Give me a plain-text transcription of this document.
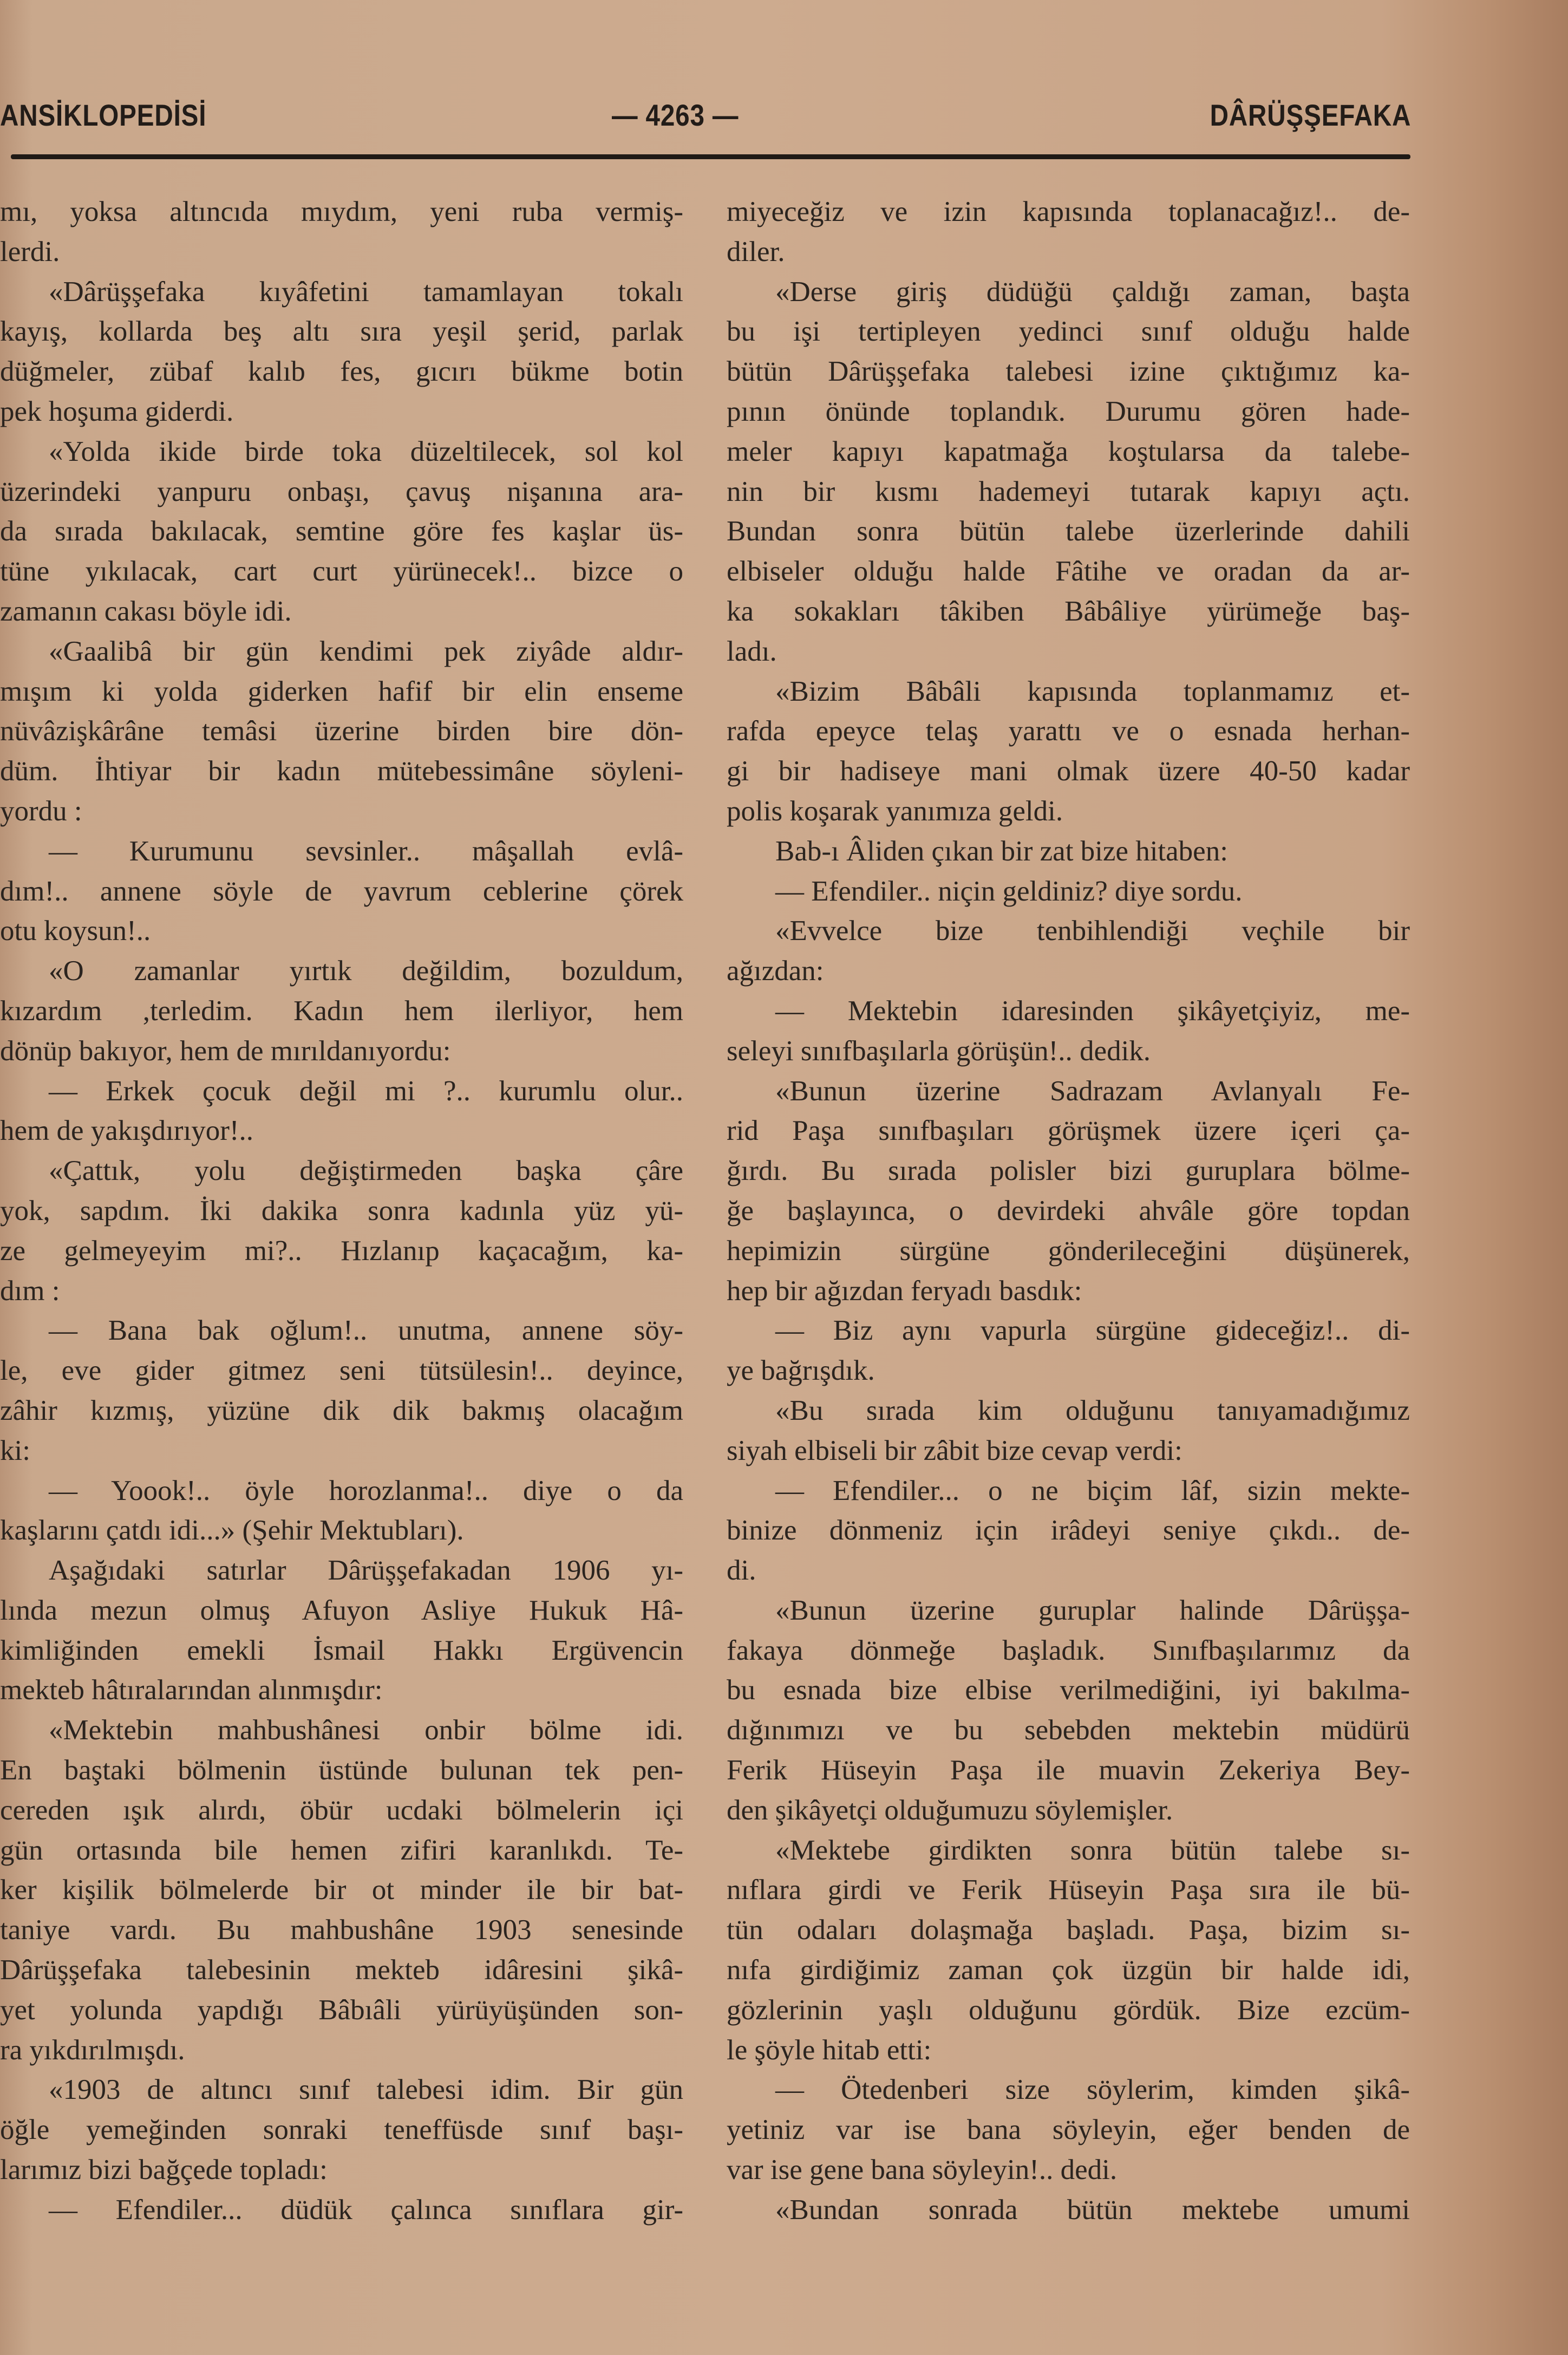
ANSİKLOPEDİSİ	— 4263 —	DÂRÜŞŞEFAKA
mı, yoksa altıncıda mıydım, yeni ruba vermiş-
lerdi.
«Dârüşşefaka kıyâfetini tamamlayan tokalı
kayış, kollarda beş altı sıra yeşil şerid, parlak
düğmeler, zübaf kalıb fes, gıcırı bükme botin
pek hoşuma giderdi.
«Yolda ikide birde toka düzeltilecek, sol kol
üzerindeki yanpuru onbaşı, çavuş nişanına ara-
da sırada bakılacak, semtine göre fes kaşlar üs-
tüne yıkılacak, cart curt yürünecek!.. bizce o
zamanın cakası böyle idi.
«Gaalibâ bir gün kendimi pek ziyâde aldır-
mışım ki yolda giderken hafif bir elin enseme
nüvâzişkârâne temâsi üzerine birden bire dön-
düm. İhtiyar bir kadın mütebessimâne söyleni-
yordu :
— Kurumunu sevsinler.. mâşallah evlâ-
dım!.. annene söyle de yavrum ceblerine çörek
otu koysun!..
«O zamanlar yırtık değildim, bozuldum,
kızardım ,terledim. Kadın hem ilerliyor, hem
dönüp bakıyor, hem de mırıldanıyordu:
— Erkek çocuk değil mi ?.. kurumlu olur..
hem de yakışdırıyor!..
«Çattık, yolu değiştirmeden başka çâre
yok, sapdım. İki dakika sonra kadınla yüz yü-
ze gelmeyeyim mi?.. Hızlanıp kaçacağım, ka-
dım :
— Bana bak oğlum!.. unutma, annene söy-
le, eve gider gitmez seni tütsülesin!.. deyince,
zâhir kızmış, yüzüne dik dik bakmış olacağım
ki:
— Yoook!.. öyle horozlanma!.. diye o da
kaşlarını çatdı idi...» (Şehir Mektubları).
Aşağıdaki satırlar Dârüşşefakadan 1906 yı-
lında mezun olmuş Afuyon Asliye Hukuk Hâ-
kimliğinden emekli İsmail Hakkı Ergüvencin
mekteb hâtıralarından alınmışdır:
«Mektebin mahbushânesi onbir bölme idi.
En baştaki bölmenin üstünde bulunan tek pen-
cereden ışık alırdı, öbür ucdaki bölmelerin içi
gün ortasında bile hemen zifiri karanlıkdı. Te-
ker kişilik bölmelerde bir ot minder ile bir bat-
taniye vardı. Bu mahbushâne 1903 senesinde
Dârüşşefaka talebesinin mekteb idâresini şikâ-
yet yolunda yapdığı Bâbıâli yürüyüşünden son-
ra yıkdırılmışdı.
«1903 de altıncı sınıf talebesi idim. Bir gün
öğle yemeğinden sonraki teneffüsde sınıf başı-
larımız bizi bağçede topladı:
— Efendiler... düdük çalınca sınıflara gir-
miyeceğiz ve izin kapısında toplanacağız!.. de-
diler.
«Derse giriş düdüğü çaldığı zaman, başta
bu işi tertipleyen yedinci sınıf olduğu halde
bütün Dârüşşefaka talebesi izine çıktığımız ka-
pının önünde toplandık. Durumu gören hade-
meler kapıyı kapatmağa koştularsa da talebe-
nin bir kısmı hademeyi tutarak kapıyı açtı.
Bundan sonra bütün talebe üzerlerinde dahili
elbiseler olduğu halde Fâtihe ve oradan da ar-
ka sokakları tâkiben Bâbâliye yürümeğe baş-
ladı.
«Bizim Bâbâli kapısında toplanmamız et-
rafda epeyce telaş yarattı ve o esnada herhan-
gi bir hadiseye mani olmak üzere 40-50 kadar
polis koşarak yanımıza geldi.
Bab-ı Âliden çıkan bir zat bize hitaben:
— Efendiler.. niçin geldiniz? diye sordu.
«Evvelce bize tenbihlendiği veçhile bir
ağızdan:
— Mektebin idaresinden şikâyetçiyiz, me-
seleyi sınıfbaşılarla görüşün!.. dedik.
«Bunun üzerine Sadrazam Avlanyalı Fe-
rid Paşa sınıfbaşıları görüşmek üzere içeri ça-
ğırdı. Bu sırada polisler bizi guruplara bölme-
ğe başlayınca, o devirdeki ahvâle göre topdan
hepimizin sürgüne gönderileceğini düşünerek,
hep bir ağızdan feryadı basdık:
— Biz aynı vapurla sürgüne gideceğiz!.. di-
ye bağrışdık.
«Bu sırada kim olduğunu tanıyamadığımız
siyah elbiseli bir zâbit bize cevap verdi:
— Efendiler... o ne biçim lâf, sizin mekte-
binize dönmeniz için irâdeyi seniye çıkdı.. de-
di.
«Bunun üzerine guruplar halinde Dârüşşa-
fakaya dönmeğe başladık. Sınıfbaşılarımız da
bu esnada bize elbise verilmediğini, iyi bakılma-
dığınımızı ve bu sebebden mektebin müdürü
Ferik Hüseyin Paşa ile muavin Zekeriya Bey-
den şikâyetçi olduğumuzu söylemişler.
«Mektebe girdikten sonra bütün talebe sı-
nıflara girdi ve Ferik Hüseyin Paşa sıra ile bü-
tün odaları dolaşmağa başladı. Paşa, bizim sı-
nıfa girdiğimiz zaman çok üzgün bir halde idi,
gözlerinin yaşlı olduğunu gördük. Bize ezcüm-
le şöyle hitab etti:
— Ötedenberi size söylerim, kimden şikâ-
yetiniz var ise bana söyleyin, eğer benden de
var ise gene bana söyleyin!.. dedi.
«Bundan sonrada bütün mektebe umumi
